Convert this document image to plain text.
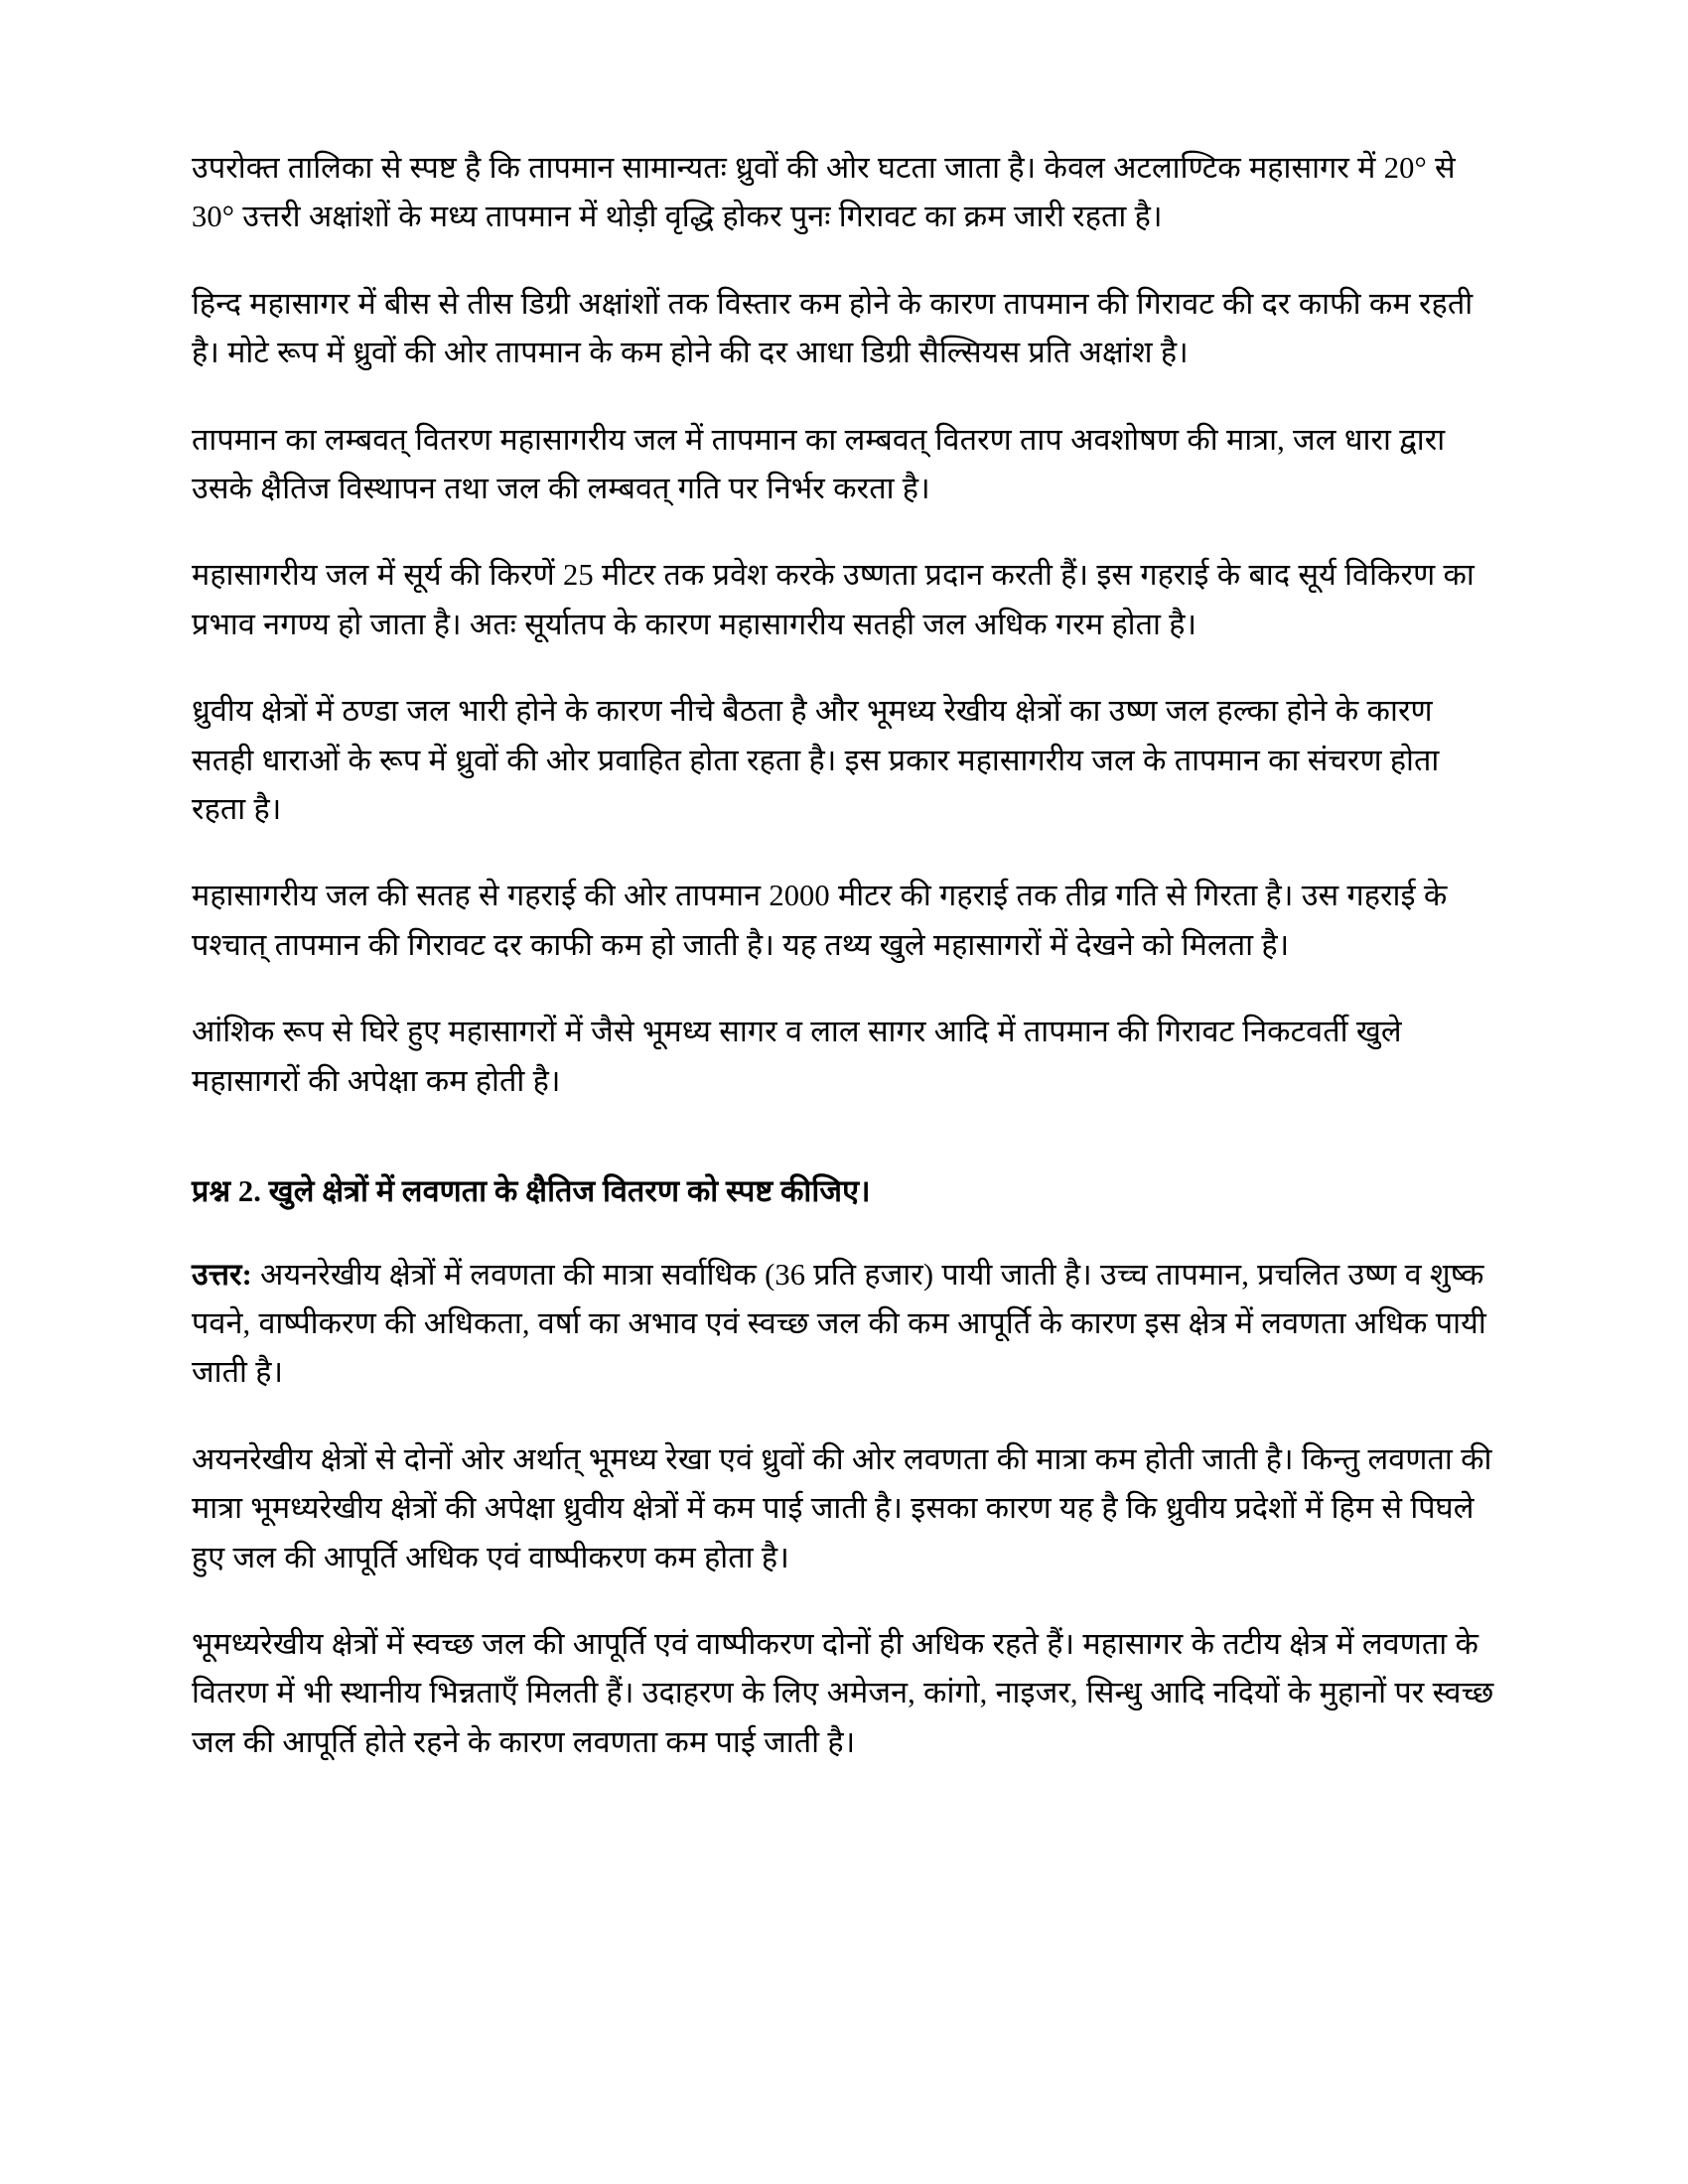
उपरोक्त तालिका से स्पष्ट है कि तापमान सामान्यतः ध्रुवों की ओर घटता जाता है। केवल अटलाण्टिक महासागर में 20° से 30° उत्तरी अक्षांशों के मध्य तापमान में थोड़ी वृद्धि होकर पुनः गिरावट का क्रम जारी रहता है।

हिन्द महासागर में बीस से तीस डिग्री अक्षांशों तक विस्तार कम होने के कारण तापमान की गिरावट की दर काफी कम रहती है। मोटे रूप में ध्रुवों की ओर तापमान के कम होने की दर आधा डिग्री सैल्सियस प्रति अक्षांश है।

तापमान का लम्बवत् वितरण महासागरीय जल में तापमान का लम्बवत् वितरण ताप अवशोषण की मात्रा, जल धारा द्वारा उसके क्षैतिज विस्थापन तथा जल की लम्बवत् गति पर निर्भर करता है।

महासागरीय जल में सूर्य की किरणें 25 मीटर तक प्रवेश करके उष्णता प्रदान करती हैं। इस गहराई के बाद सूर्य विकिरण का प्रभाव नगण्य हो जाता है। अतः सूर्यातप के कारण महासागरीय सतही जल अधिक गरम होता है।

ध्रुवीय क्षेत्रों में ठण्डा जल भारी होने के कारण नीचे बैठता है और भूमध्य रेखीय क्षेत्रों का उष्ण जल हल्का होने के कारण सतही धाराओं के रूप में ध्रुवों की ओर प्रवाहित होता रहता है। इस प्रकार महासागरीय जल के तापमान का संचरण होता रहता है।

महासागरीय जल की सतह से गहराई की ओर तापमान 2000 मीटर की गहराई तक तीव्र गति से गिरता है। उस गहराई के पश्चात् तापमान की गिरावट दर काफी कम हो जाती है। यह तथ्य खुले महासागरों में देखने को मिलता है।

आंशिक रूप से घिरे हुए महासागरों में जैसे भूमध्य सागर व लाल सागर आदि में तापमान की गिरावट निकटवर्ती खुले महासागरों की अपेक्षा कम होती है।

प्रश्न 2. खुले क्षेत्रों में लवणता के क्षैतिज वितरण को स्पष्ट कीजिए।

उत्तर: अयनरेखीय क्षेत्रों में लवणता की मात्रा सर्वाधिक (36 प्रति हजार) पायी जाती है। उच्च तापमान, प्रचलित उष्ण व शुष्क पवने, वाष्पीकरण की अधिकता, वर्षा का अभाव एवं स्वच्छ जल की कम आपूर्ति के कारण इस क्षेत्र में लवणता अधिक पायी जाती है।

अयनरेखीय क्षेत्रों से दोनों ओर अर्थात् भूमध्य रेखा एवं ध्रुवों की ओर लवणता की मात्रा कम होती जाती है। किन्तु लवणता की मात्रा भूमध्यरेखीय क्षेत्रों की अपेक्षा ध्रुवीय क्षेत्रों में कम पाई जाती है। इसका कारण यह है कि ध्रुवीय प्रदेशों में हिम से पिघले हुए जल की आपूर्ति अधिक एवं वाष्पीकरण कम होता है।

भूमध्यरेखीय क्षेत्रों में स्वच्छ जल की आपूर्ति एवं वाष्पीकरण दोनों ही अधिक रहते हैं। महासागर के तटीय क्षेत्र में लवणता के वितरण में भी स्थानीय भिन्नताएँ मिलती हैं। उदाहरण के लिए अमेजन, कांगो, नाइजर, सिन्धु आदि नदियों के मुहानों पर स्वच्छ जल की आपूर्ति होते रहने के कारण लवणता कम पाई जाती है।
